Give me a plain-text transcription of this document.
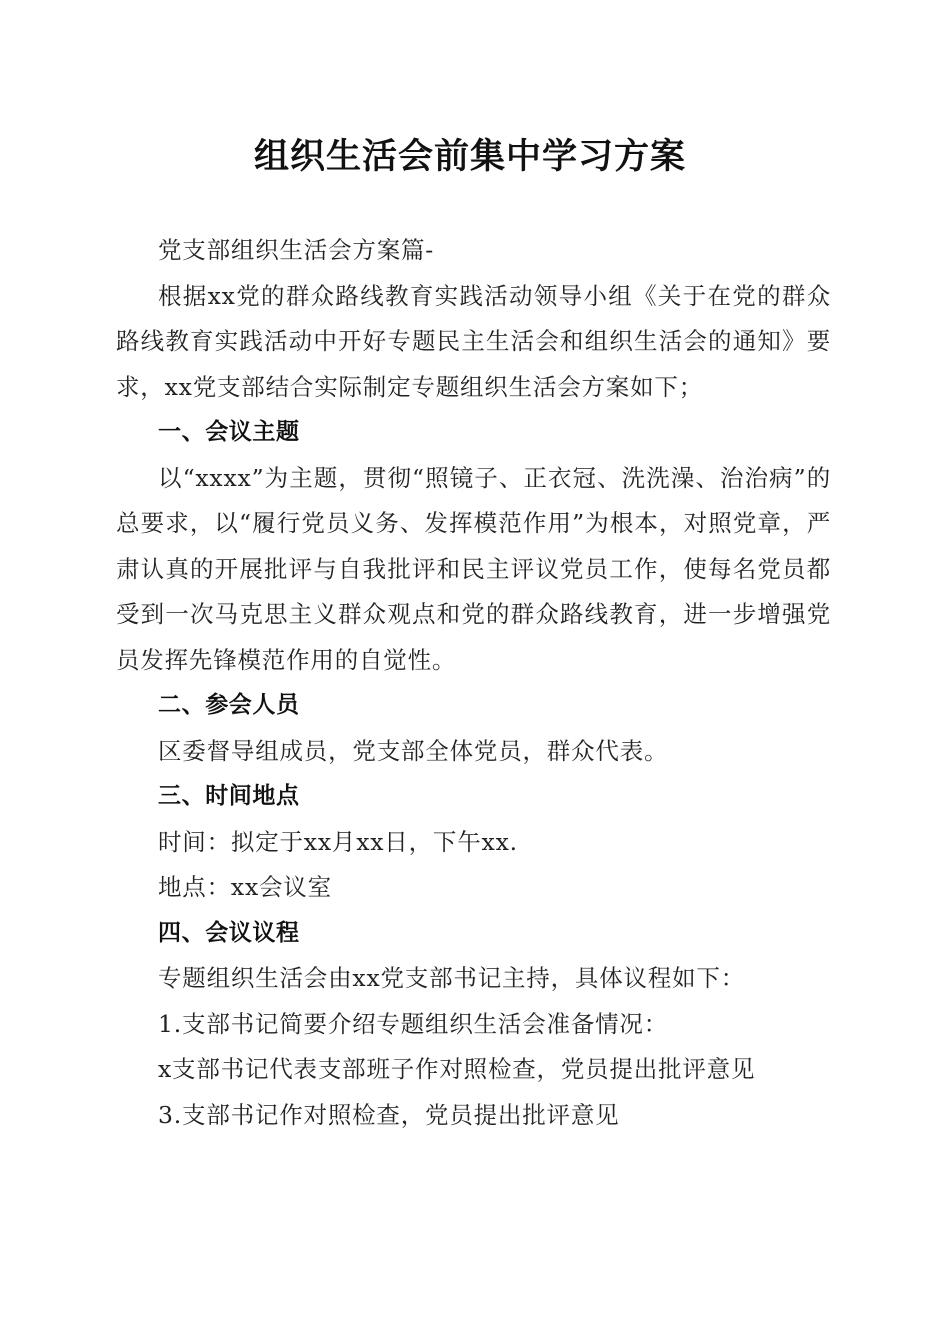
组织生活会前集中学习方案

党支部组织生活会方案篇-

根据xx党的群众路线教育实践活动领导小组《关于在党的群众路线教育实践活动中开好专题民主生活会和组织生活会的通知》要求，xx党支部结合实际制定专题组织生活会方案如下；

一、会议主题

以“xxxx”为主题，贯彻“照镜子、正衣冠、洗洗澡、治治病”的总要求，以“履行党员义务、发挥模范作用”为根本，对照党章，严肃认真的开展批评与自我批评和民主评议党员工作，使每名党员都受到一次马克思主义群众观点和党的群众路线教育，进一步增强党员发挥先锋模范作用的自觉性。

二、参会人员

区委督导组成员，党支部全体党员，群众代表。

三、时间地点

时间：拟定于xx月xx日，下午xx.

地点：xx会议室

四、会议议程

专题组织生活会由xx党支部书记主持，具体议程如下：

1.支部书记简要介绍专题组织生活会准备情况：

x支部书记代表支部班子作对照检查，党员提出批评意见

3.支部书记作对照检查，党员提出批评意见
